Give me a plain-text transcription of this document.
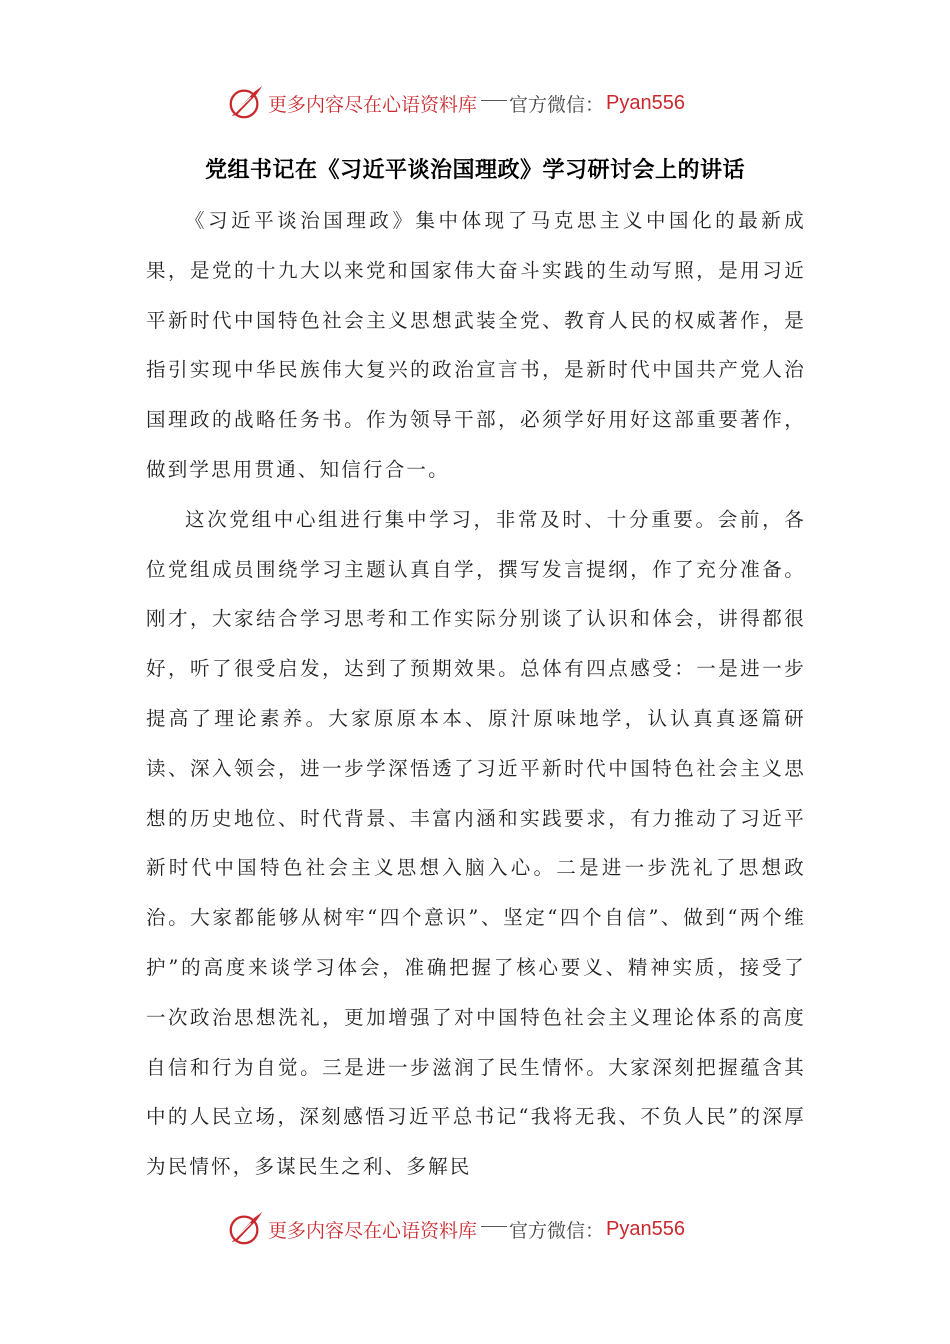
更多内容尽在心语资料库 官方微信： Pyan556
党组书记在《习近平谈治国理政》学习研讨会上的讲话

《习近平谈治国理政》集中体现了马克思主义中国化的最新成果，是党的十九大以来党和国家伟大奋斗实践的生动写照，是用习近平新时代中国特色社会主义思想武装全党、教育人民的权威著作，是指引实现中华民族伟大复兴的政治宣言书，是新时代中国共产党人治国理政的战略任务书。作为领导干部，必须学好用好这部重要著作，做到学思用贯通、知信行合一。

这次党组中心组进行集中学习，非常及时、十分重要。会前，各位党组成员围绕学习主题认真自学，撰写发言提纲，作了充分准备。刚才，大家结合学习思考和工作实际分别谈了认识和体会，讲得都很好，听了很受启发，达到了预期效果。总体有四点感受：一是进一步提高了理论素养。大家原原本本、原汁原味地学，认认真真逐篇研读、深入领会，进一步学深悟透了习近平新时代中国特色社会主义思想的历史地位、时代背景、丰富内涵和实践要求，有力推动了习近平新时代中国特色社会主义思想入脑入心。二是进一步洗礼了思想政治。大家都能够从树牢“四个意识”、坚定“四个自信”、做到“两个维护”的高度来谈学习体会，准确把握了核心要义、精神实质，接受了一次政治思想洗礼，更加增强了对中国特色社会主义理论体系的高度自信和行为自觉。三是进一步滋润了民生情怀。大家深刻把握蕴含其中的人民立场，深刻感悟习近平总书记“我将无我、不负人民”的深厚为民情怀，多谋民生之利、多解民

更多内容尽在心语资料库 官方微信： Pyan556
